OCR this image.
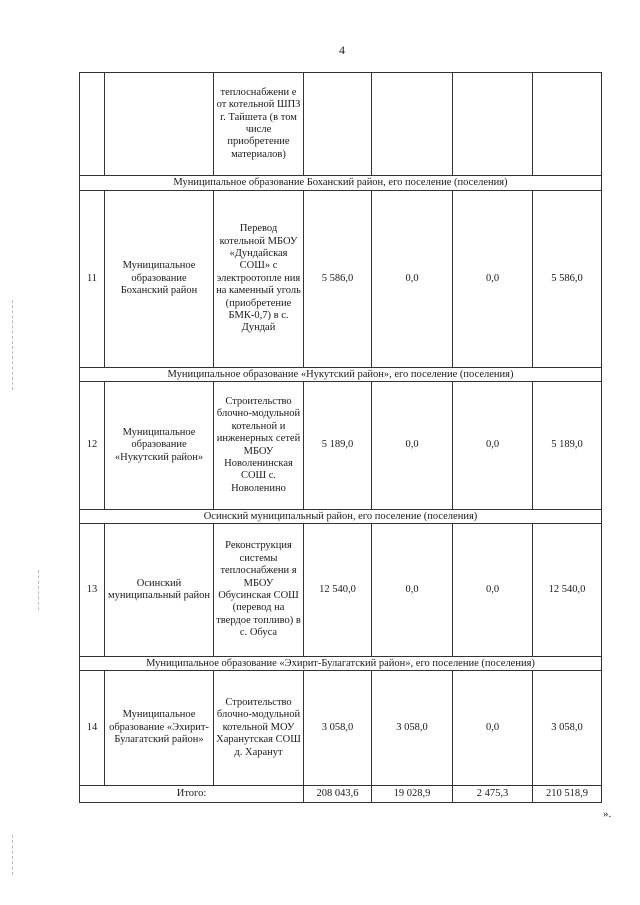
4
		теплоснабжени е от котельной ШПЗ г. Тайшета (в том числе приобретение материалов)				
Муниципальное образование Боханский район, его поселение (поселения)						
11	Муниципальное образование Боханский район	Перевод котельной МБОУ «Дундайская СОШ» с электроотопле ния на каменный уголь (приобретение БМК-0,7) в с. Дундай	5 586,0	0,0	0,0	5 586,0
Муниципальное образование «Нукутский район», его поселение (поселения)						
12	Муниципальное образование «Нукутский район»	Строительство блочно-модульной котельной и инженерных сетей МБОУ Новоленинская СОШ с. Новоленино	5 189,0	0,0	0,0	5 189,0
Осинский муниципальный район, его поселение (поселения)						
13	Осинский муниципальный район	Реконструкция системы теплоснабжени я МБОУ Обусинская СОШ (перевод на твердое топливо) в с. Обуса	12 540,0	0,0	0,0	12 540,0
Муниципальное образование «Эхирит-Булагатский район», его поселение (поселения)						
14	Муниципальное образование «Эхирит-Булагатский район»	Строительство блочно-модульной котельной МОУ Харанутская СОШ д. Харанут	3 058,0	3 058,0	0,0	3 058,0
Итого:			208 043,6	19 028,9	2 475,3	210 518,9
».
